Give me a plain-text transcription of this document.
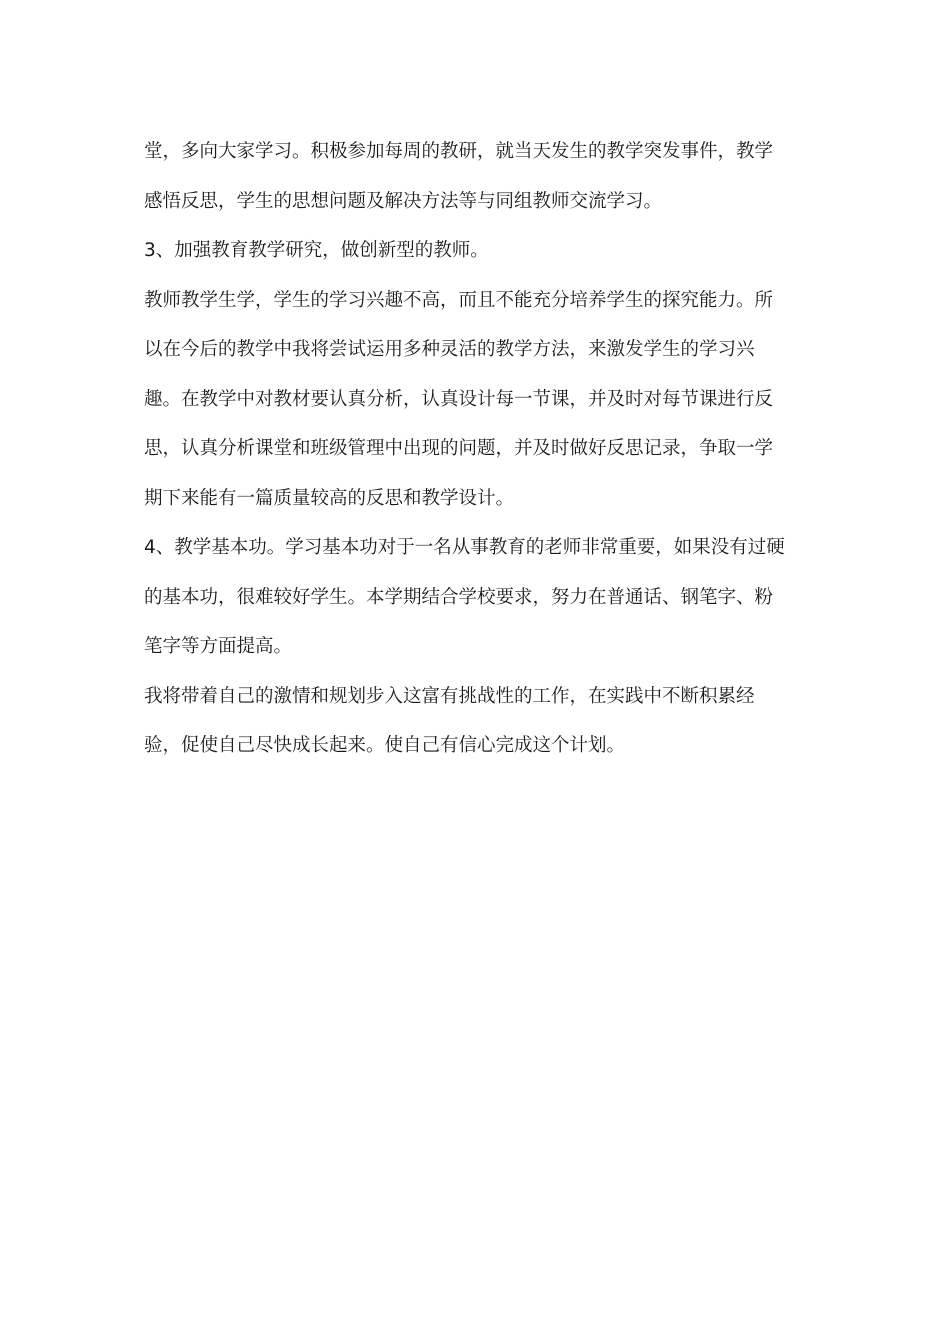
堂，多向大家学习。积极参加每周的教研，就当天发生的教学突发事件，教学
感悟反思，学生的思想问题及解决方法等与同组教师交流学习。

3、加强教育教学研究，做创新型的教师。

教师教学生学，学生的学习兴趣不高，而且不能充分培养学生的探究能力。所
以在今后的教学中我将尝试运用多种灵活的教学方法，来激发学生的学习兴
趣。在教学中对教材要认真分析，认真设计每一节课，并及时对每节课进行反
思，认真分析课堂和班级管理中出现的问题，并及时做好反思记录，争取一学
期下来能有一篇质量较高的反思和教学设计。

4、教学基本功。学习基本功对于一名从事教育的老师非常重要，如果没有过硬
的基本功，很难较好学生。本学期结合学校要求，努力在普通话、钢笔字、粉
笔字等方面提高。

我将带着自己的激情和规划步入这富有挑战性的工作，在实践中不断积累经
验，促使自己尽快成长起来。使自己有信心完成这个计划。
